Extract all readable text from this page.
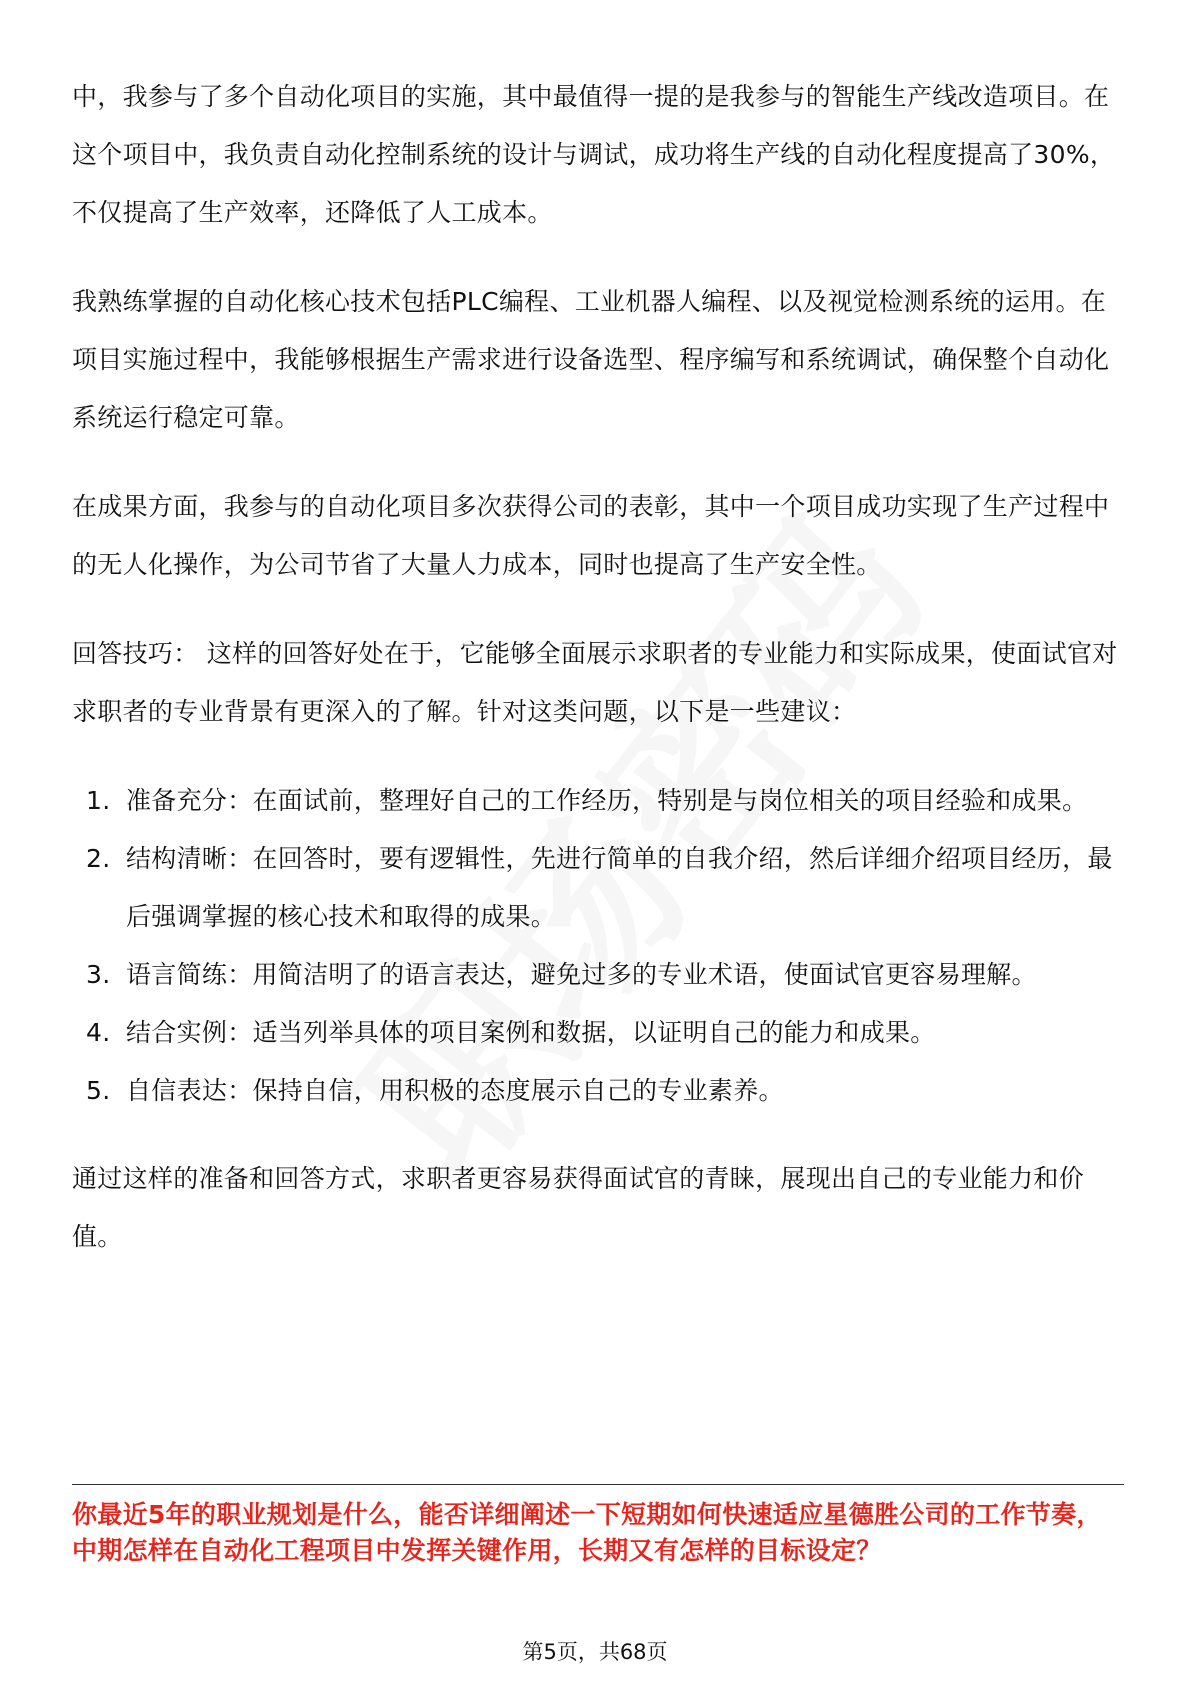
中，我参与了多个自动化项目的实施，其中最值得一提的是我参与的智能生产线改造项目。在这个项目中，我负责自动化控制系统的设计与调试，成功将生产线的自动化程度提高了30%，不仅提高了生产效率，还降低了人工成本。

我熟练掌握的自动化核心技术包括PLC编程、工业机器人编程、以及视觉检测系统的运用。在项目实施过程中，我能够根据生产需求进行设备选型、程序编写和系统调试，确保整个自动化系统运行稳定可靠。

在成果方面，我参与的自动化项目多次获得公司的表彰，其中一个项目成功实现了生产过程中的无人化操作，为公司节省了大量人力成本，同时也提高了生产安全性。

回答技巧： 这样的回答好处在于，它能够全面展示求职者的专业能力和实际成果，使面试官对求职者的专业背景有更深入的了解。针对这类问题，以下是一些建议：

1. 准备充分：在面试前，整理好自己的工作经历，特别是与岗位相关的项目经验和成果。
2. 结构清晰：在回答时，要有逻辑性，先进行简单的自我介绍，然后详细介绍项目经历，最后强调掌握的核心技术和取得的成果。
3. 语言简练：用简洁明了的语言表达，避免过多的专业术语，使面试官更容易理解。
4. 结合实例：适当列举具体的项目案例和数据，以证明自己的能力和成果。
5. 自信表达：保持自信，用积极的态度展示自己的专业素养。

通过这样的准备和回答方式，求职者更容易获得面试官的青睐，展现出自己的专业能力和价值。

你最近5年的职业规划是什么，能否详细阐述一下短期如何快速适应星德胜公司的工作节奏，中期怎样在自动化工程项目中发挥关键作用，长期又有怎样的目标设定？
第5页，共68页
